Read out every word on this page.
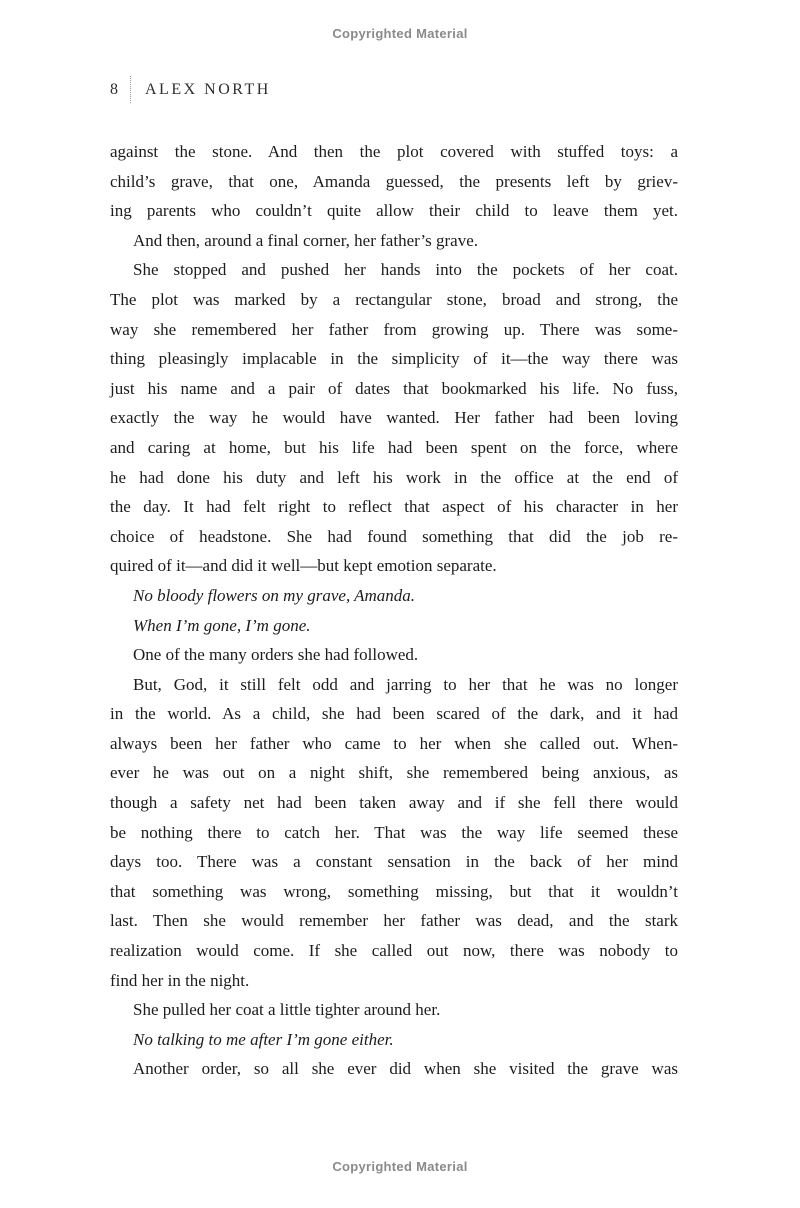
Copyrighted Material
8 ALEX NORTH
against the stone. And then the plot covered with stuffed toys: a
child’s grave, that one, Amanda guessed, the presents left by griev-
ing parents who couldn’t quite allow their child to leave them yet.
And then, around a final corner, her father’s grave.
She stopped and pushed her hands into the pockets of her coat.
The plot was marked by a rectangular stone, broad and strong, the
way she remembered her father from growing up. There was some-
thing pleasingly implacable in the simplicity of it—the way there was
just his name and a pair of dates that bookmarked his life. No fuss,
exactly the way he would have wanted. Her father had been loving
and caring at home, but his life had been spent on the force, where
he had done his duty and left his work in the office at the end of
the day. It had felt right to reflect that aspect of his character in her
choice of headstone. She had found something that did the job re-
quired of it—and did it well—but kept emotion separate.
No bloody flowers on my grave, Amanda.
When I’m gone, I’m gone.
One of the many orders she had followed.
But, God, it still felt odd and jarring to her that he was no longer
in the world. As a child, she had been scared of the dark, and it had
always been her father who came to her when she called out. When-
ever he was out on a night shift, she remembered being anxious, as
though a safety net had been taken away and if she fell there would
be nothing there to catch her. That was the way life seemed these
days too. There was a constant sensation in the back of her mind
that something was wrong, something missing, but that it wouldn’t
last. Then she would remember her father was dead, and the stark
realization would come. If she called out now, there was nobody to
find her in the night.
She pulled her coat a little tighter around her.
No talking to me after I’m gone either.
Another order, so all she ever did when she visited the grave was
Copyrighted Material
